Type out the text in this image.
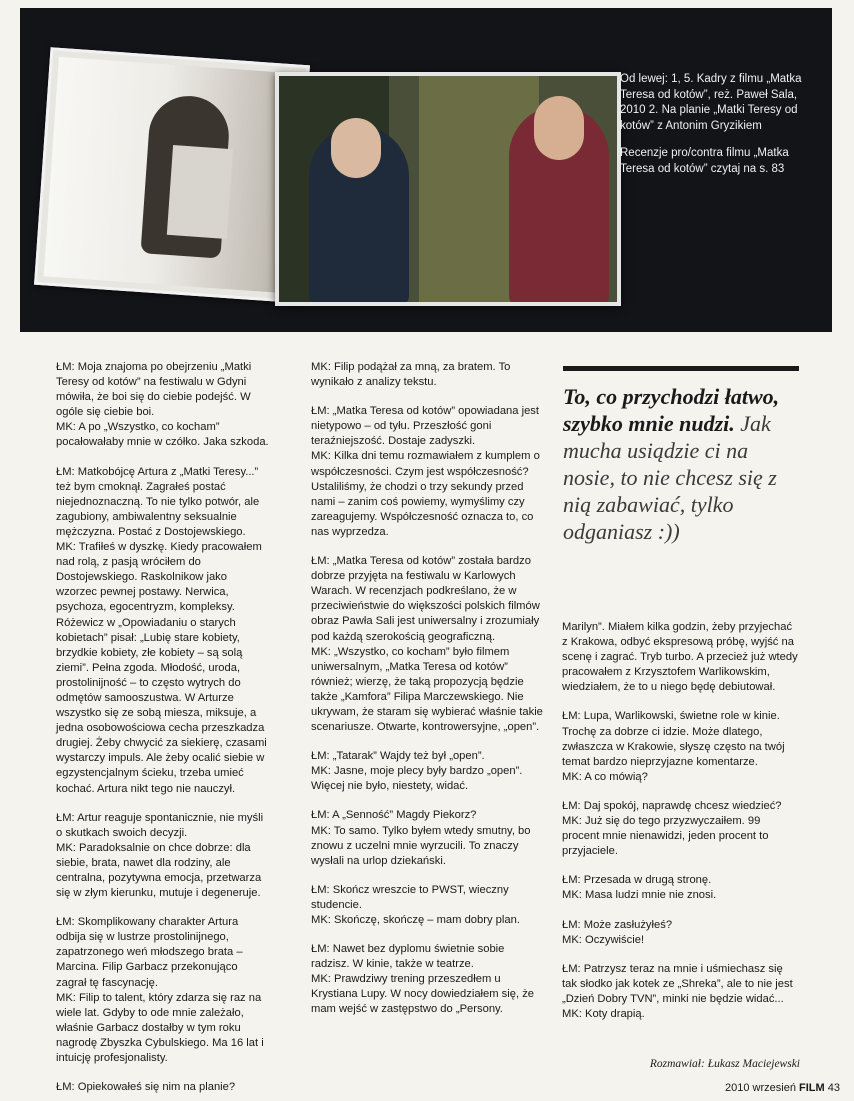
Od lewej: 1, 5. Kadry z filmu „Matka Teresa od kotów”, reż. Paweł Sala, 2010 2. Na planie „Matki Teresy od kotów” z Antonim Gryzikiem

Recenzje pro/contra filmu „Matka Teresa od kotów” czytaj na s. 83

ŁM: Moja znajoma po obejrzeniu „Matki Teresy od kotów” na festiwalu w Gdyni mówiła, że boi się do ciebie podejść. W ogóle się ciebie boi.

MK: A po „Wszystko, co kocham” pocałowałaby mnie w czółko. Jaka szkoda.

ŁM: Matkobójcę Artura z „Matki Teresy...” też bym cmoknął. Zagrałeś postać niejednoznaczną. To nie tylko potwór, ale zagubiony, ambiwalentny seksualnie mężczyzna. Postać z Dostojewskiego.

MK: Trafiłeś w dyszkę. Kiedy pracowałem nad rolą, z pasją wróciłem do Dostojewskiego. Raskolnikow jako wzorzec pewnej postawy. Nerwica, psychoza, egocentryzm, kompleksy. Różewicz w „Opowiadaniu o starych kobietach” pisał: „Lubię stare kobiety, brzydkie kobiety, złe kobiety – są solą ziemi”. Pełna zgoda. Młodość, uroda, prostolinijność – to często wytrych do odmętów samooszustwa. W Arturze wszystko się ze sobą miesza, miksuje, a jedna osobowościowa cecha przeszkadza drugiej. Żeby chwycić za siekierę, czasami wystarczy impuls. Ale żeby ocalić siebie w egzystencjalnym ścieku, trzeba umieć kochać. Artura nikt tego nie nauczył.

ŁM: Artur reaguje spontanicznie, nie myśli o skutkach swoich decyzji.

MK: Paradoksalnie on chce dobrze: dla siebie, brata, nawet dla rodziny, ale centralna, pozytywna emocja, przetwarza się w złym kierunku, mutuje i degeneruje.

ŁM: Skomplikowany charakter Artura odbija się w lustrze prostolinijnego, zapatrzonego weń młodszego brata – Marcina. Filip Garbacz przekonująco zagrał tę fascynację.

MK: Filip to talent, który zdarza się raz na wiele lat. Gdyby to ode mnie zależało, właśnie Garbacz dostałby w tym roku nagrodę Zbyszka Cybulskiego. Ma 16 lat i intuicję profesjonalisty.

ŁM: Opiekowałeś się nim na planie?

MK: Filip podążał za mną, za bratem. To wynikało z analizy tekstu.

ŁM: „Matka Teresa od kotów” opowiadana jest nietypowo – od tyłu. Przeszłość goni teraźniejszość. Dostaje zadyszki.

MK: Kilka dni temu rozmawiałem z kumplem o współczesności. Czym jest współczesność? Ustaliliśmy, że chodzi o trzy sekundy przed nami – zanim coś powiemy, wymyślimy czy zareagujemy. Współczesność oznacza to, co nas wyprzedza.

ŁM: „Matka Teresa od kotów” została bardzo dobrze przyjęta na festiwalu w Karlowych Warach. W recenzjach podkreślano, że w przeciwieństwie do większości polskich filmów obraz Pawła Sali jest uniwersalny i zrozumiały pod każdą szerokością geograficzną.

MK: „Wszystko, co kocham” było filmem uniwersalnym, „Matka Teresa od kotów” również; wierzę, że taką propozycją będzie także „Kamfora” Filipa Marczewskiego. Nie ukrywam, że staram się wybierać właśnie takie scenariusze. Otwarte, kontrowersyjne, „open”.

ŁM: „Tatarak” Wajdy też był „open”.

MK: Jasne, moje plecy były bardzo „open”. Więcej nie było, niestety, widać.

ŁM: A „Senność” Magdy Piekorz?

MK: To samo. Tylko byłem wtedy smutny, bo znowu z uczelni mnie wyrzucili. To znaczy wysłali na urlop dziekański.

ŁM: Skończ wreszcie to PWST, wieczny studencie.

MK: Skończę, skończę – mam dobry plan.

ŁM: Nawet bez dyplomu świetnie sobie radzisz. W kinie, także w teatrze.

MK: Prawdziwy trening przeszedłem u Krystiana Lupy. W nocy dowiedziałem się, że mam wejść w zastępstwo do „Persony.

To, co przychodzi łatwo, szybko mnie nudzi. Jak mucha usiądzie ci na nosie, to nie chcesz się z nią zabawiać, tylko odganiasz :))

Marilyn”. Miałem kilka godzin, żeby przyjechać z Krakowa, odbyć ekspresową próbę, wyjść na scenę i zagrać. Tryb turbo. A przecież już wtedy pracowałem z Krzysztofem Warlikowskim, wiedziałem, że to u niego będę debiutował.

ŁM: Lupa, Warlikowski, świetne role w kinie. Trochę za dobrze ci idzie. Może dlatego, zwłaszcza w Krakowie, słyszę często na twój temat bardzo nieprzyjazne komentarze.

MK: A co mówią?

ŁM: Daj spokój, naprawdę chcesz wiedzieć?

MK: Już się do tego przyzwyczaiłem. 99 procent mnie nienawidzi, jeden procent to przyjaciele.

ŁM: Przesada w drugą stronę.

MK: Masa ludzi mnie nie znosi.

ŁM: Może zasłużyłeś?

MK: Oczywiście!

ŁM: Patrzysz teraz na mnie i uśmiechasz się tak słodko jak kotek ze „Shreka”, ale to nie jest „Dzień Dobry TVN”, minki nie będzie widać...

MK: Koty drapią.

Rozmawiał: Łukasz Maciejewski
2010 wrzesień FILM 43
